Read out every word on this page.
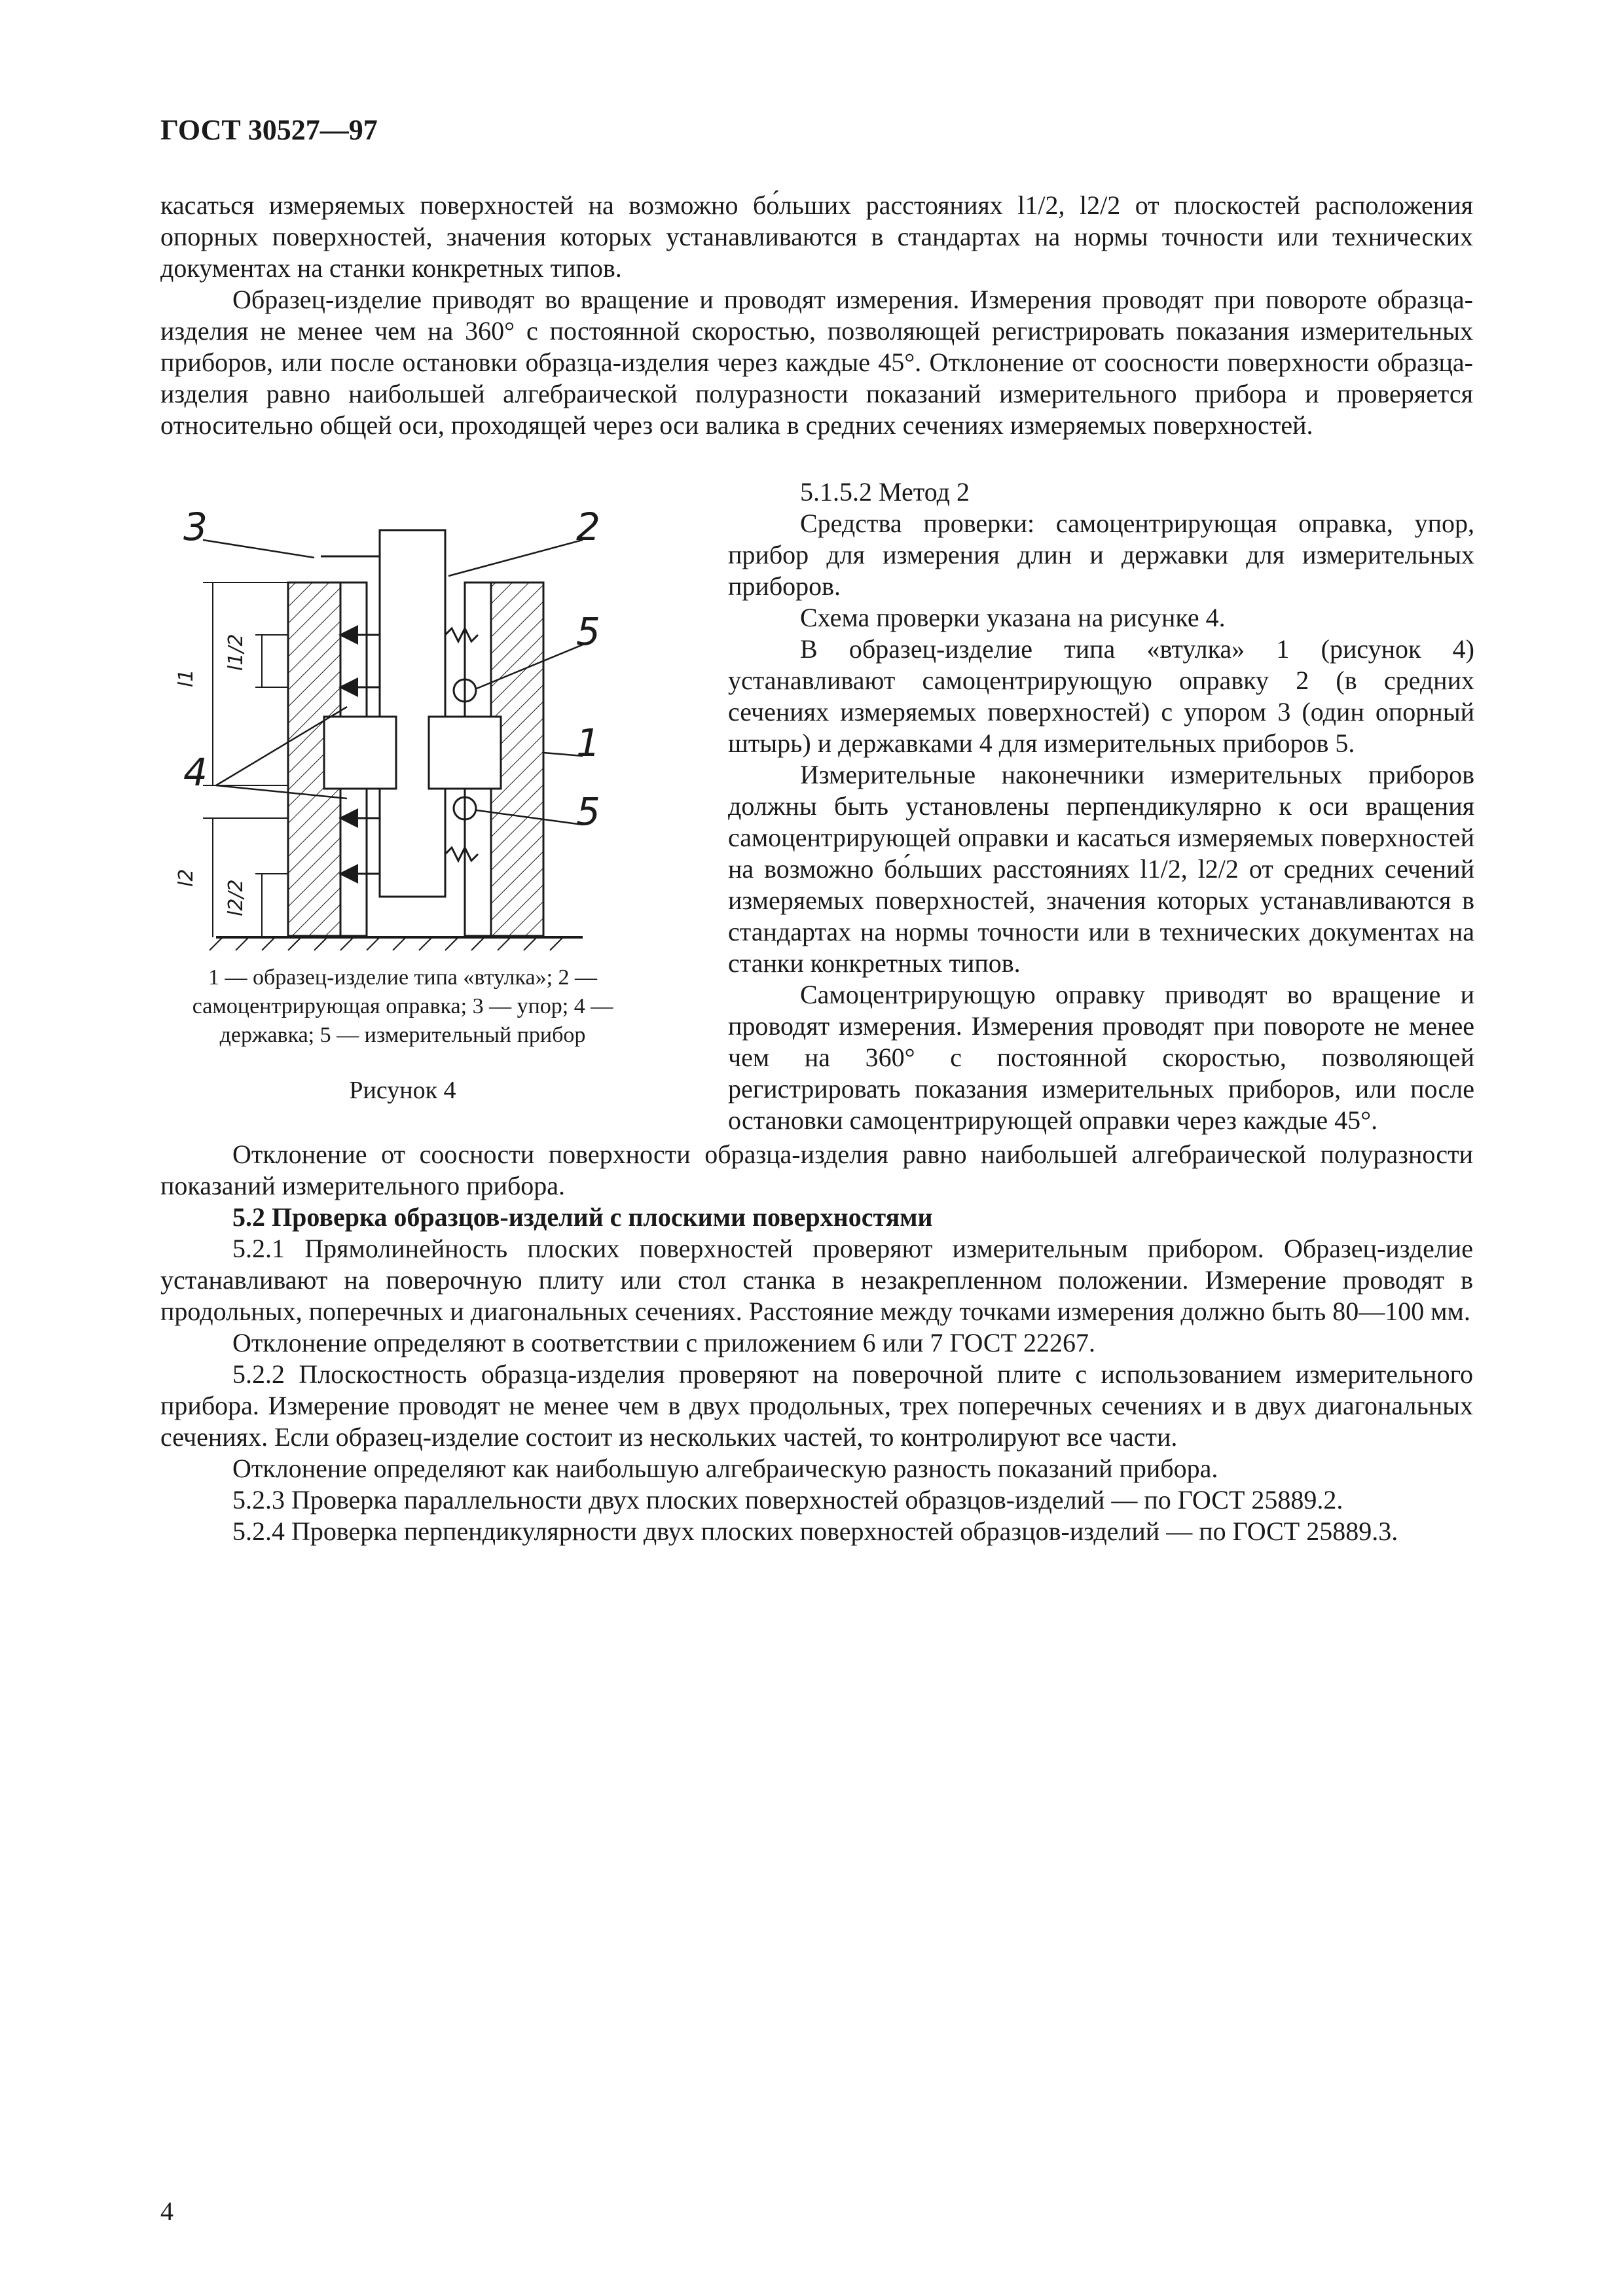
ГОСТ 30527—97

касаться измеряемых поверхностей на возможно бо́льших расстояниях l1/2, l2/2 от плоскостей расположения опорных поверхностей, значения которых устанавливаются в стандартах на нормы точности или технических документах на станки конкретных типов.

Образец-изделие приводят во вращение и проводят измерения. Измерения проводят при повороте образца-изделия не менее чем на 360° с постоянной скоростью, позволяющей регистрировать показания измерительных приборов, или после остановки образца-изделия через каждые 45°. Отклонение от соосности поверхности образца-изделия равно наибольшей алгебраической полуразности показаний измерительного прибора и проверяется относительно общей оси, проходящей через оси валика в средних сечениях измеряемых поверхностей.

5.1.5.2 Метод 2

Средства проверки: самоцентрирующая оправка, упор, прибор для измерения длин и державки для измерительных приборов.

Схема проверки указана на рисунке 4.

В образец-изделие типа «втулка» 1 (рисунок 4) устанавливают самоцентрирующую оправку 2 (в средних сечениях измеряемых поверхностей) с упором 3 (один опорный штырь) и державками 4 для измерительных приборов 5.

Измерительные наконечники измерительных приборов должны быть установлены перпендикулярно к оси вращения самоцентрирующей оправки и касаться измеряемых поверхностей на возможно бо́льших расстояниях l1/2, l2/2 от средних сечений измеряемых поверхностей, значения которых устанавливаются в стандартах на нормы точности или в технических документах на станки конкретных типов.

Самоцентрирующую оправку приводят во вращение и проводят измерения. Измерения проводят при повороте не менее чем на 360° с постоянной скоростью, позволяющей регистрировать показания измерительных приборов, или после остановки самоцентрирующей оправки через каждые 45°.

3	2
5
4
1
5
l1
l1/2
l2
l2/2
1 — образец-изделие типа «втулка»; 2 — самоцентрирующая оправка; 3 — упор; 4 — державка; 5 — измерительный прибор
Рисунок 4

Отклонение от соосности поверхности образца-изделия равно наибольшей алгебраической полуразности показаний измерительного прибора.

5.2 Проверка образцов-изделий с плоскими поверхностями

5.2.1 Прямолинейность плоских поверхностей проверяют измерительным прибором. Образец-изделие устанавливают на поверочную плиту или стол станка в незакрепленном положении. Измерение проводят в продольных, поперечных и диагональных сечениях. Расстояние между точками измерения должно быть 80—100 мм.

Отклонение определяют в соответствии с приложением 6 или 7 ГОСТ 22267.

5.2.2 Плоскостность образца-изделия проверяют на поверочной плите с использованием измерительного прибора. Измерение проводят не менее чем в двух продольных, трех поперечных сечениях и в двух диагональных сечениях. Если образец-изделие состоит из нескольких частей, то контролируют все части.

Отклонение определяют как наибольшую алгебраическую разность показаний прибора.

5.2.3 Проверка параллельности двух плоских поверхностей образцов-изделий — по ГОСТ 25889.2.

5.2.4 Проверка перпендикулярности двух плоских поверхностей образцов-изделий — по ГОСТ 25889.3.

4
